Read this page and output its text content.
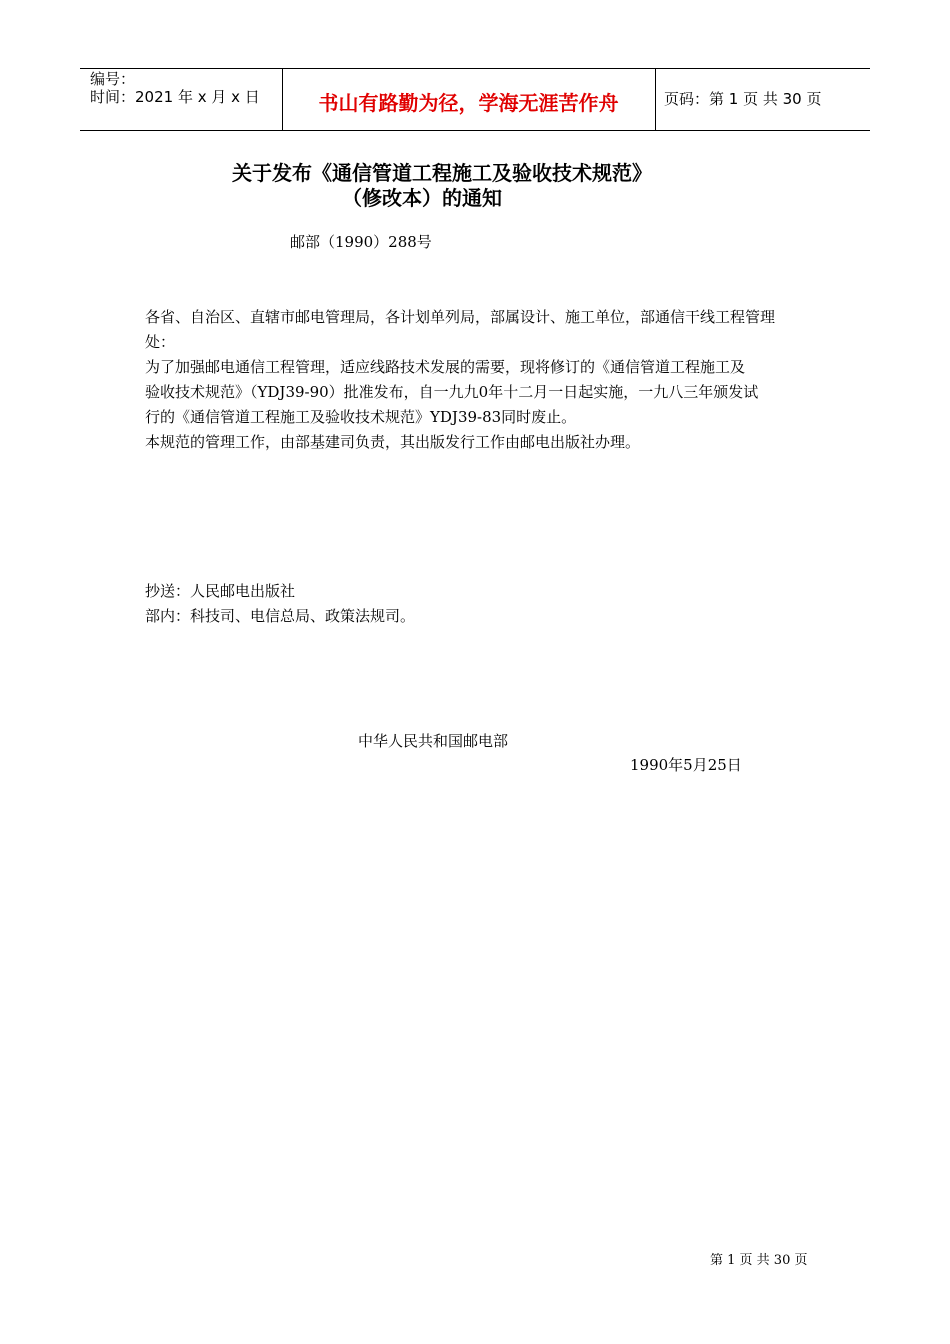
编号：
时间：2021 年 x 月 x 日	书山有路勤为径，学海无涯苦作舟	页码：第 1 页 共 30 页
关于发布《通信管道工程施工及验收技术规范》
（修改本）的通知
邮部（1990）288号
各省、自治区、直辖市邮电管理局，各计划单列局，部属设计、施工单位，部通信干线工程管理
处：
为了加强邮电通信工程管理，适应线路技术发展的需要，现将修订的《通信管道工程施工及
验收技术规范》（YDJ39-90）批准发布，自一九九0年十二月一日起实施，一九八三年颁发试
行的《通信管道工程施工及验收技术规范》YDJ39-83同时废止。
本规范的管理工作，由部基建司负责，其出版发行工作由邮电出版社办理。
抄送：人民邮电出版社
部内：科技司、电信总局、政策法规司。
中华人民共和国邮电部
1990年5月25日
第 1 页 共 30 页
